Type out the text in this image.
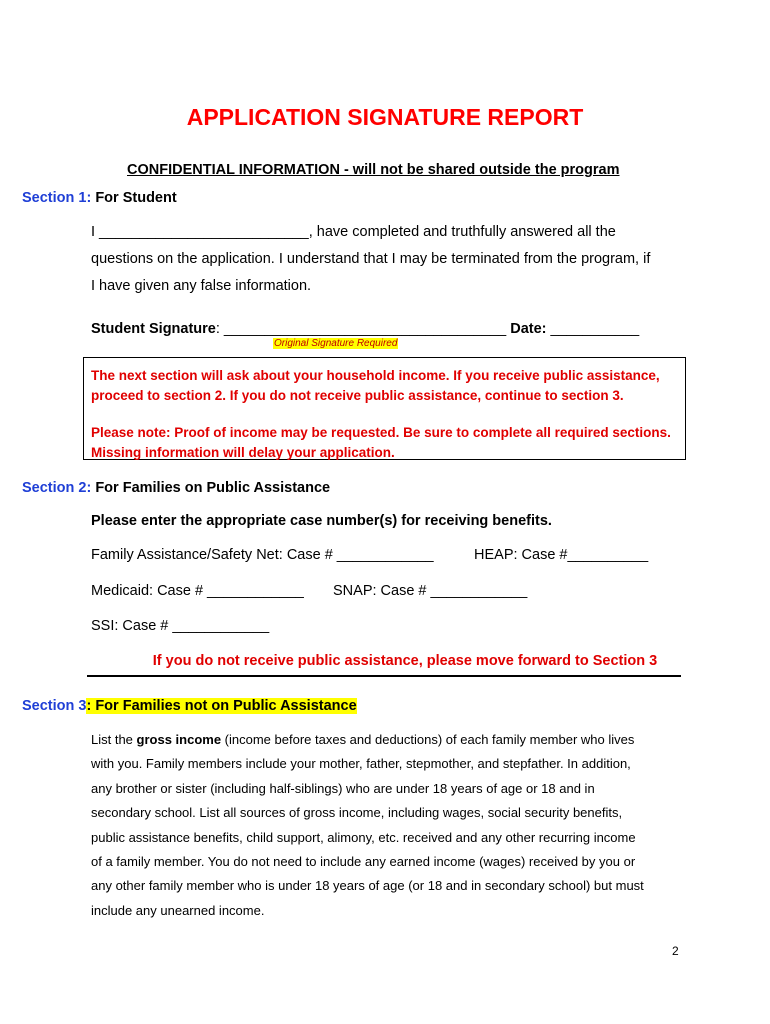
APPLICATION SIGNATURE REPORT
CONFIDENTIAL INFORMATION - will not be shared outside the program
Section 1: For Student
I __________________________, have completed and truthfully answered all the
questions on the application. I understand that I may be terminated from the program, if
I have given any false information.
Student Signature: ___________________________________ Date: ___________
Original Signature Required

The next section will ask about your household income. If you receive public assistance, proceed to section 2. If you do not receive public assistance, continue to section 3.

Please note: Proof of income may be requested. Be sure to complete all required sections. Missing information will delay your application.

Section 2: For Families on Public Assistance
Please enter the appropriate case number(s) for receiving benefits.
Family Assistance/Safety Net: Case # ____________	HEAP: Case #__________
Medicaid: Case # ____________ SNAP: Case # ____________
SSI: Case # ____________
If you do not receive public assistance, please move forward to Section 3
Section 3: For Families not on Public Assistance
List the gross income (income before taxes and deductions) of each family member who lives
with you. Family members include your mother, father, stepmother, and stepfather. In addition,
any brother or sister (including half-siblings) who are under 18 years of age or 18 and in
secondary school. List all sources of gross income, including wages, social security benefits,
public assistance benefits, child support, alimony, etc. received and any other recurring income
of a family member. You do not need to include any earned income (wages) received by you or
any other family member who is under 18 years of age (or 18 and in secondary school) but must
include any unearned income.
2
